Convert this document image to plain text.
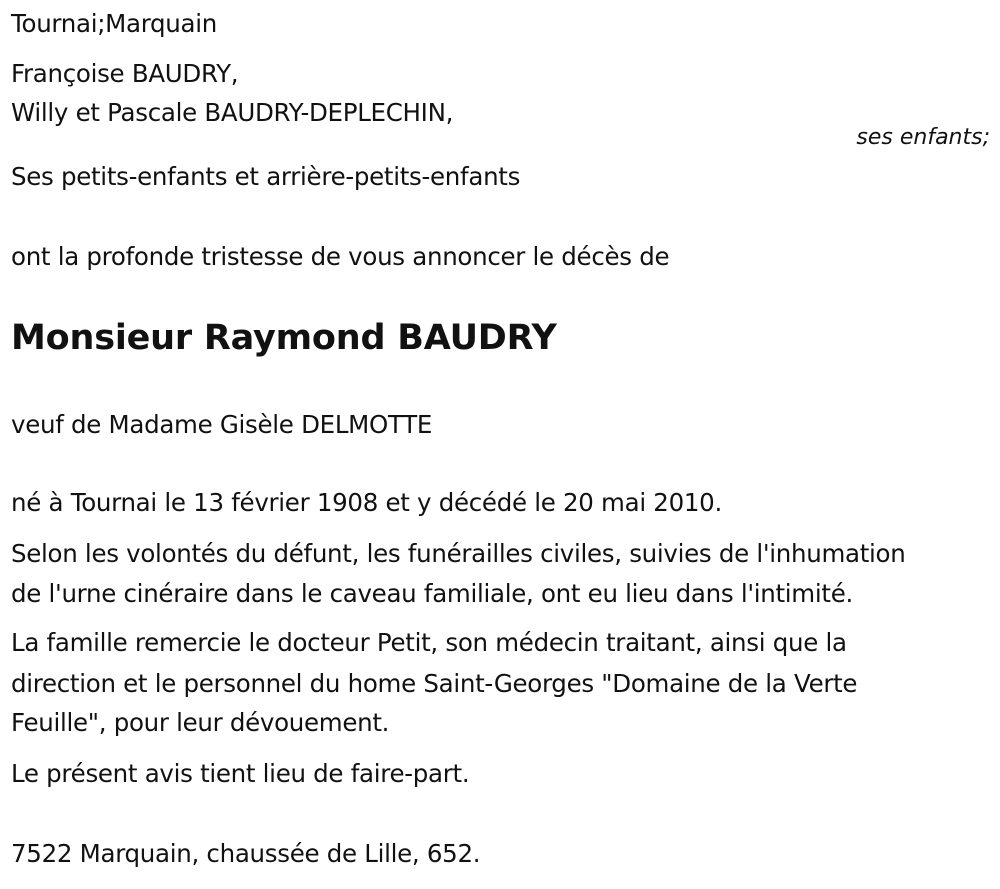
Tournai;Marquain
Françoise BAUDRY,
Willy et Pascale BAUDRY-DEPLECHIN,
ses enfants;
Ses petits-enfants et arrière-petits-enfants
ont la profonde tristesse de vous annoncer le décès de
Monsieur Raymond BAUDRY
veuf de Madame Gisèle DELMOTTE
né à Tournai le 13 février 1908 et y décédé le 20 mai 2010.
Selon les volontés du défunt, les funérailles civiles, suivies de l'inhumation
de l'urne cinéraire dans le caveau familiale, ont eu lieu dans l'intimité.
La famille remercie le docteur Petit, son médecin traitant, ainsi que la
direction et le personnel du home Saint-Georges "Domaine de la Verte
Feuille", pour leur dévouement.
Le présent avis tient lieu de faire-part.
7522 Marquain, chaussée de Lille, 652.
